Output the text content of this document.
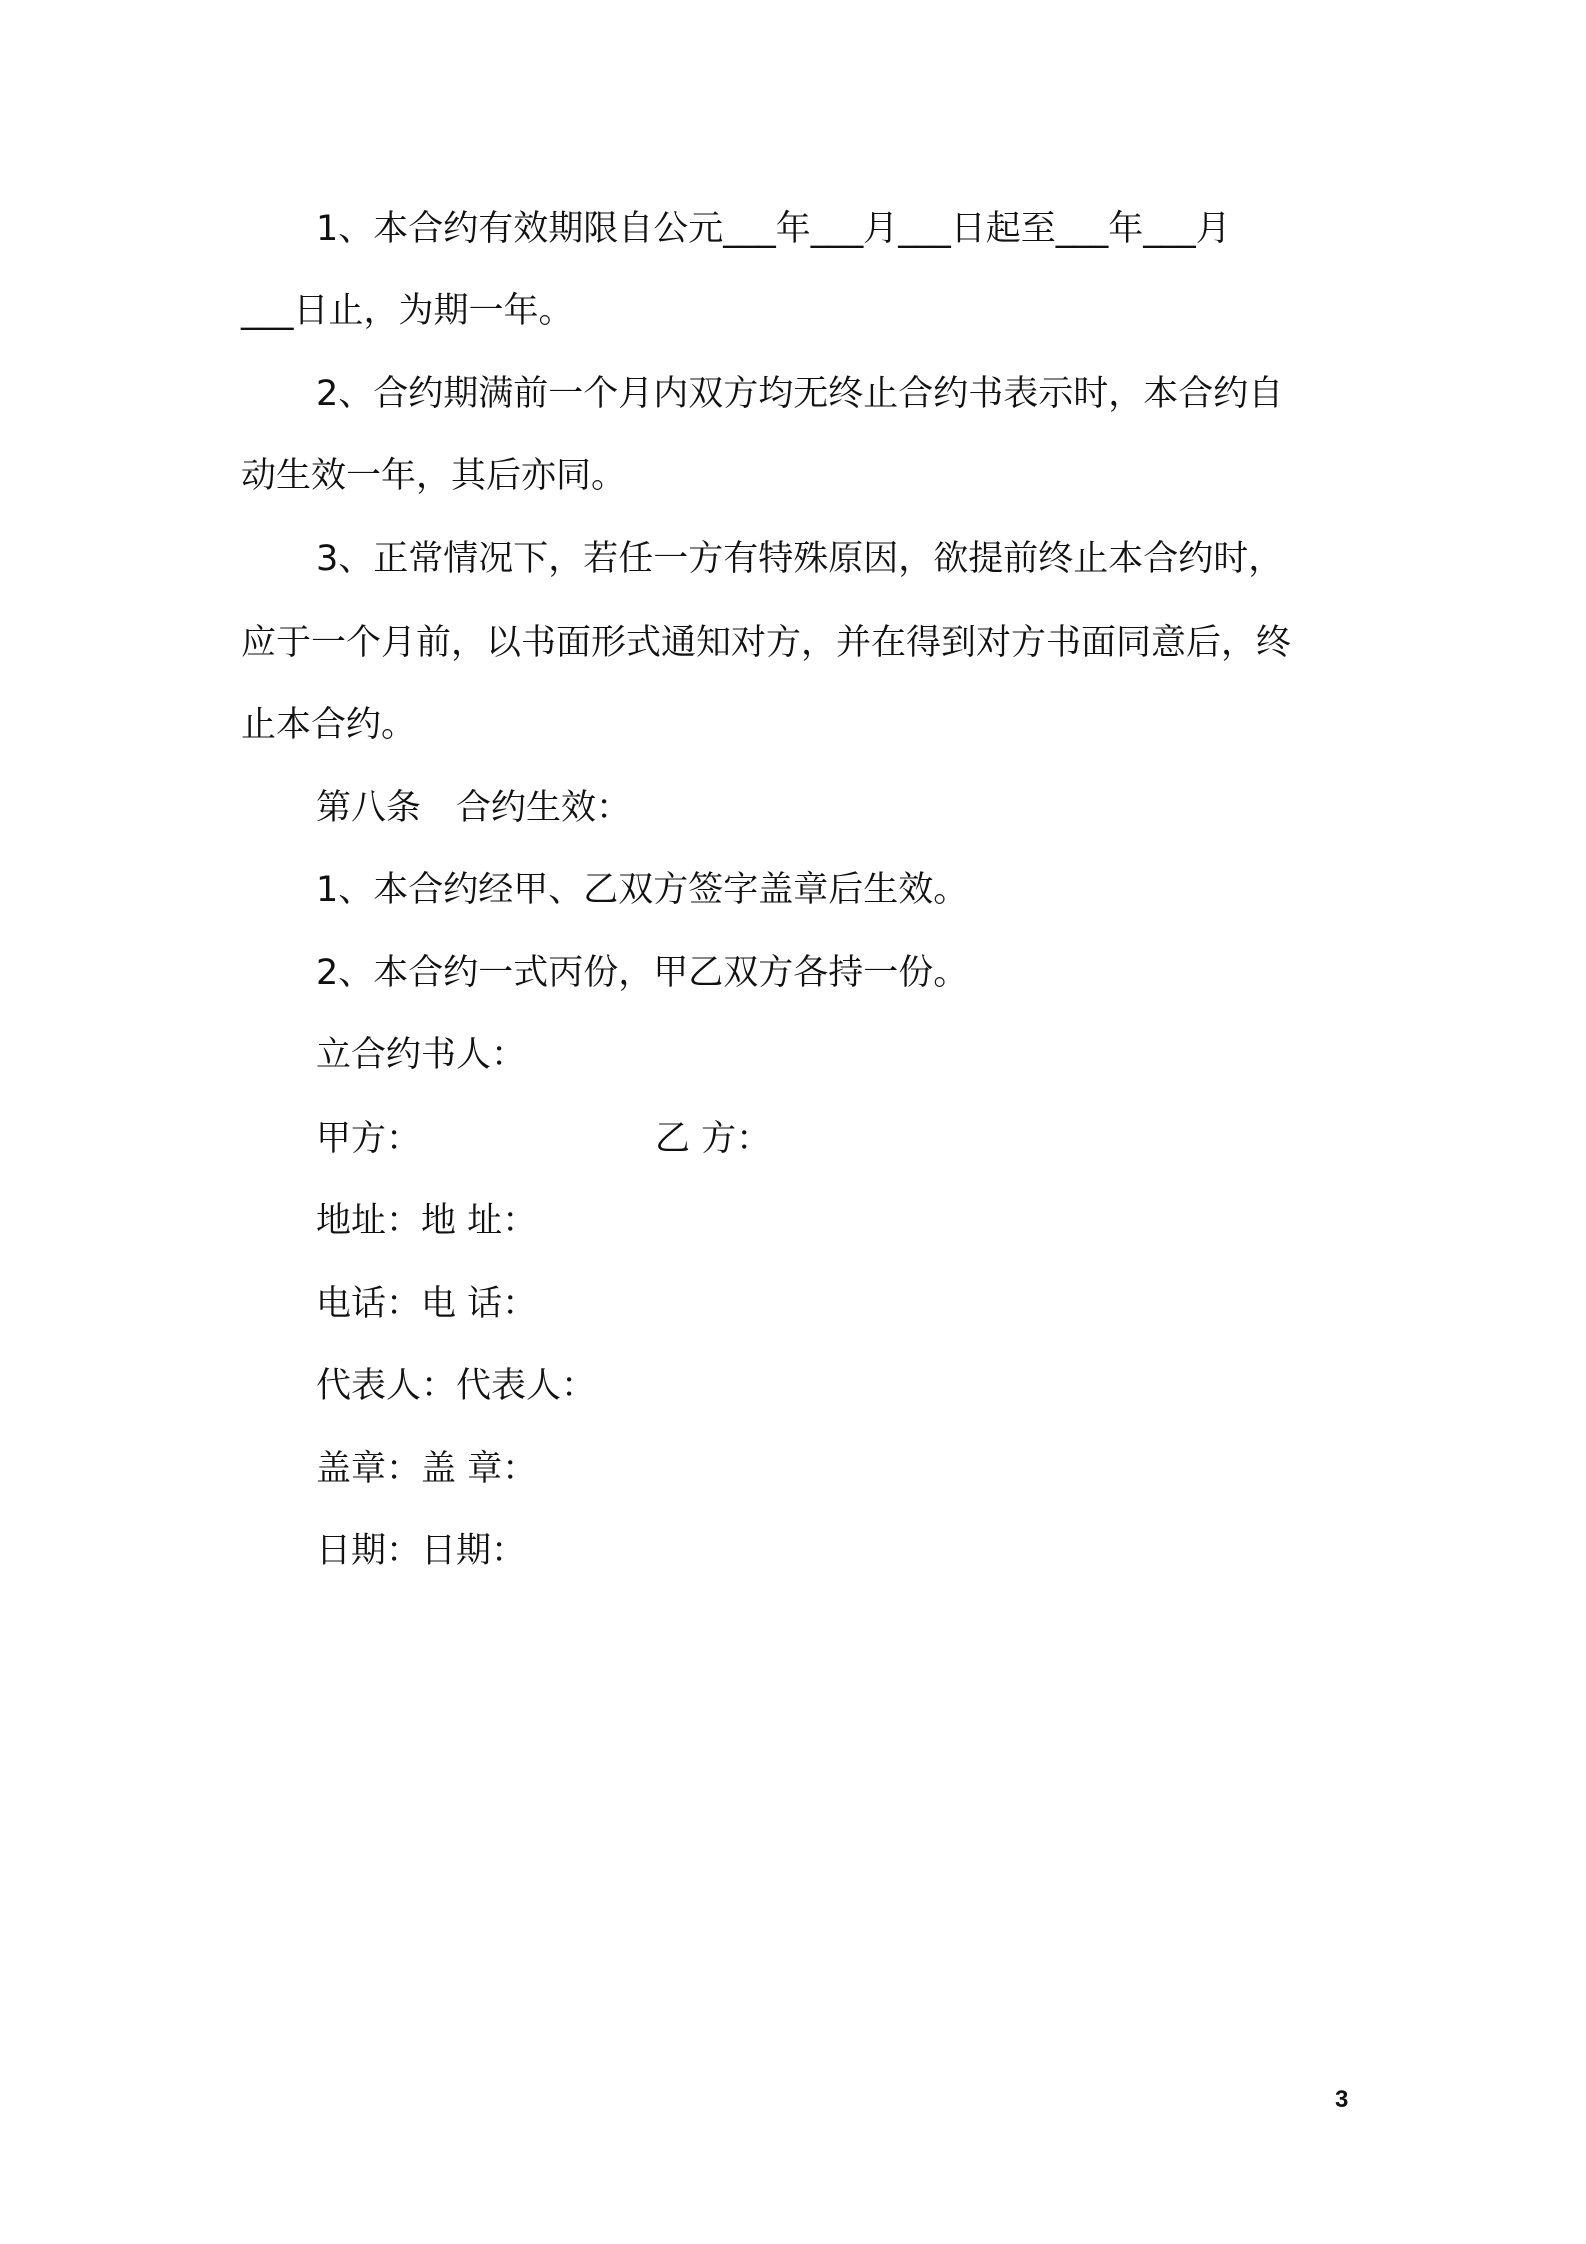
1、本合约有效期限自公元___年___月___日起至___年___月
___日止，为期一年。
2、合约期满前一个月内双方均无终止合约书表示时，本合约自
动生效一年，其后亦同。
3、正常情况下，若任一方有特殊原因，欲提前终止本合约时，
应于一个月前，以书面形式通知对方，并在得到对方书面同意后，终
止本合约。
第八条　合约生效：
1、本合约经甲、乙双方签字盖章后生效。
2、本合约一式丙份，甲乙双方各持一份。
立合约书人：
甲方：	乙 方：
地址：地 址：
电话：电 话：
代表人：代表人：
盖章：盖 章：
日期：日期：
3
